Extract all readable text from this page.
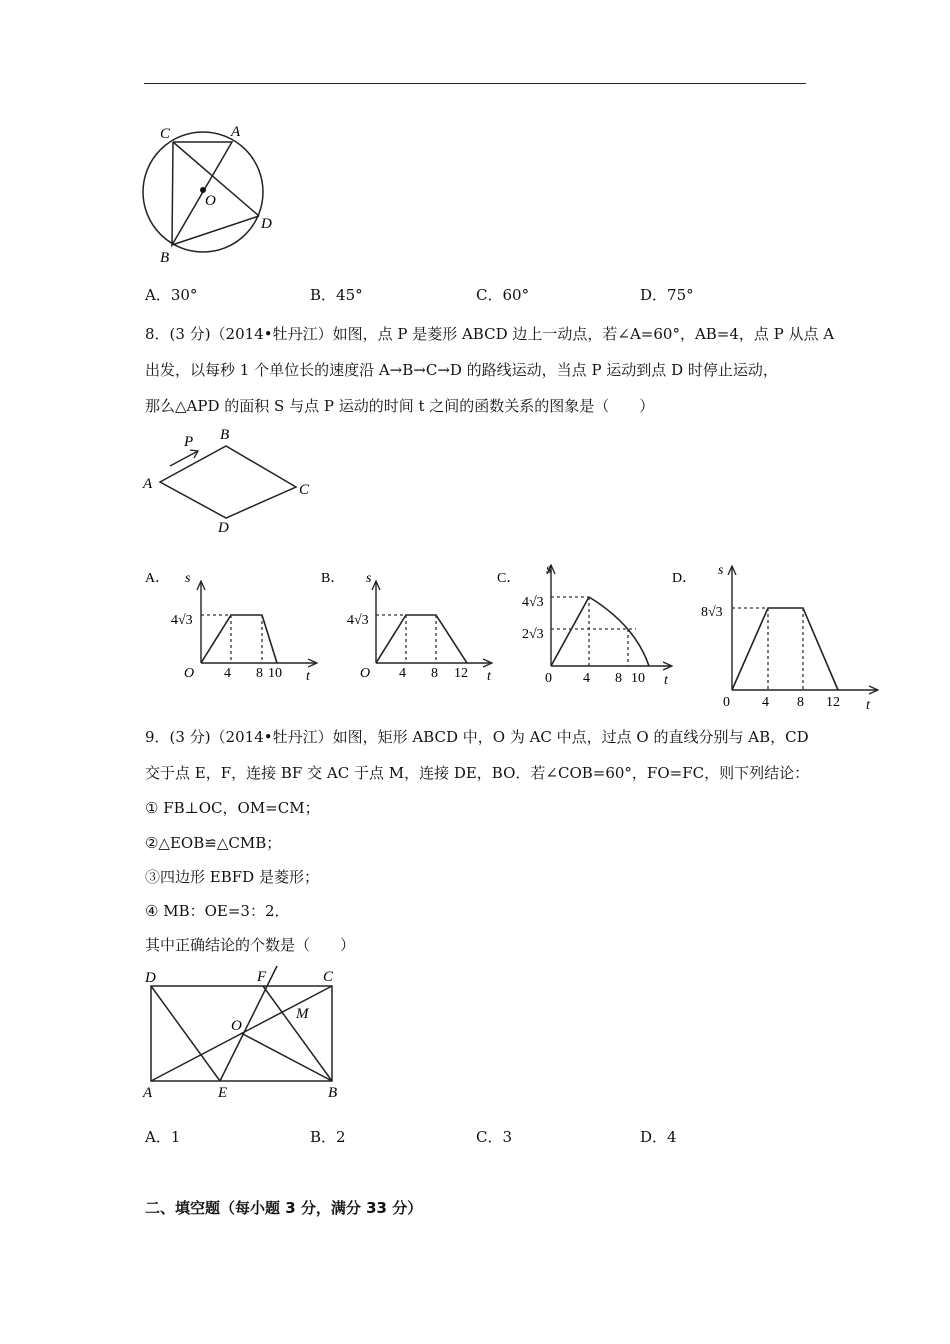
C	A
O
D
B
A．30°	B．45°	C．60°	D．75°
8．(3 分)（2014•牡丹江）如图，点 P 是菱形 ABCD 边上一动点，若∠A=60°，AB=4，点 P 从点 A
出发，以每秒 1 个单位长的速度沿 A→B→C→D 的路线运动，当点 P 运动到点 D 时停止运动，
那么△APD 的面积 S 与点 P 运动的时间 t 之间的函数关系的图象是（　　）
P B
A	C
D
A． s
t
O
4√3
4 8 10
B． s
t
O
4√3
4 8 12
C．
s
t
0
4√3
2√3
4 8 10
D．
s
t
0
8√3
4 8 12
9．(3 分)（2014•牡丹江）如图，矩形 ABCD 中，O 为 AC 中点，过点 O 的直线分别与 AB，CD
交于点 E，F，连接 BF 交 AC 于点 M，连接 DE，BO．若∠COB=60°，FO=FC，则下列结论：
① FB⊥OC，OM=CM；
②△EOB≌△CMB；
③四边形 EBFD 是菱形；
④ MB：OE=3：2．
其中正确结论的个数是（　　）
D	F	C
O
M
A	E	B
A．1	B．2	C．3	D．4
二、填空题（每小题 3 分，满分 33 分）
